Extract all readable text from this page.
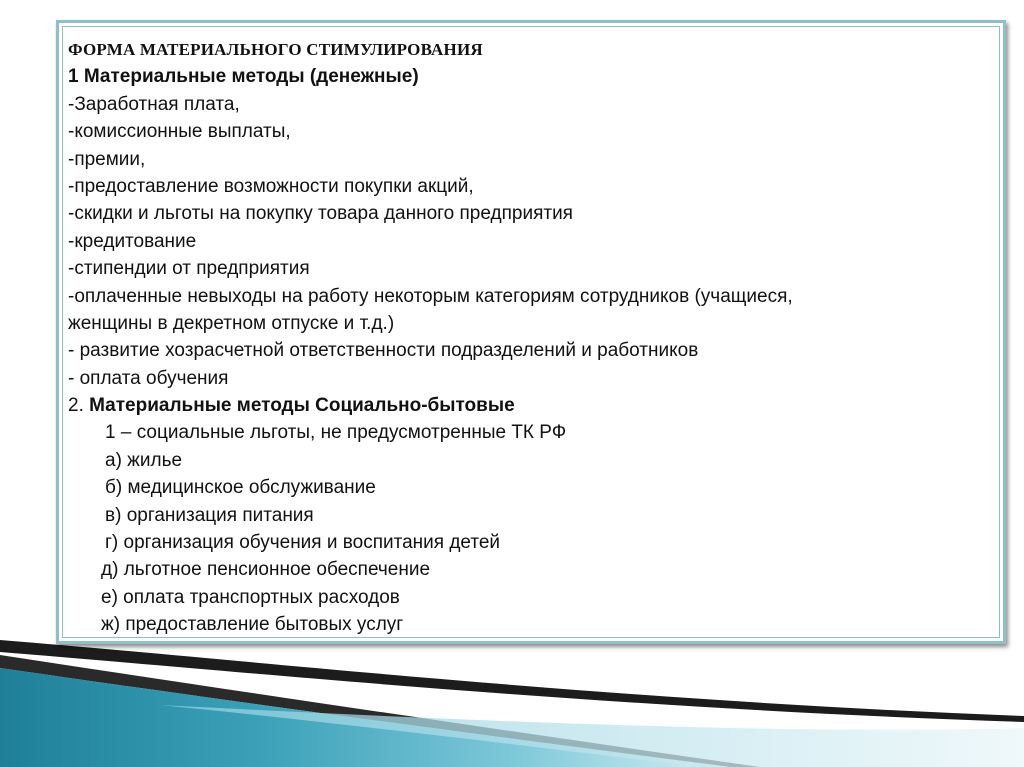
ФОРМА МАТЕРИАЛЬНОГО СТИМУЛИРОВАНИЯ
1 Материальные методы (денежные)
-Заработная плата,
-комиссионные выплаты,
-премии,
-предоставление возможности покупки акций,
-скидки и льготы на покупку товара данного предприятия
-кредитование
-стипендии от предприятия
-оплаченные невыходы на работу некоторым категориям сотрудников (учащиеся,
женщины в декретном отпуске и т.д.)
- развитие хозрасчетной ответственности подразделений и работников
- оплата обучения
2. Материальные методы Социально-бытовые
1 – социальные льготы, не предусмотренные ТК РФ
а) жилье
б) медицинское обслуживание
в) организация питания
г) организация обучения и воспитания детей
д) льготное пенсионное обеспечение
е) оплата транспортных расходов
ж) предоставление бытовых услуг
